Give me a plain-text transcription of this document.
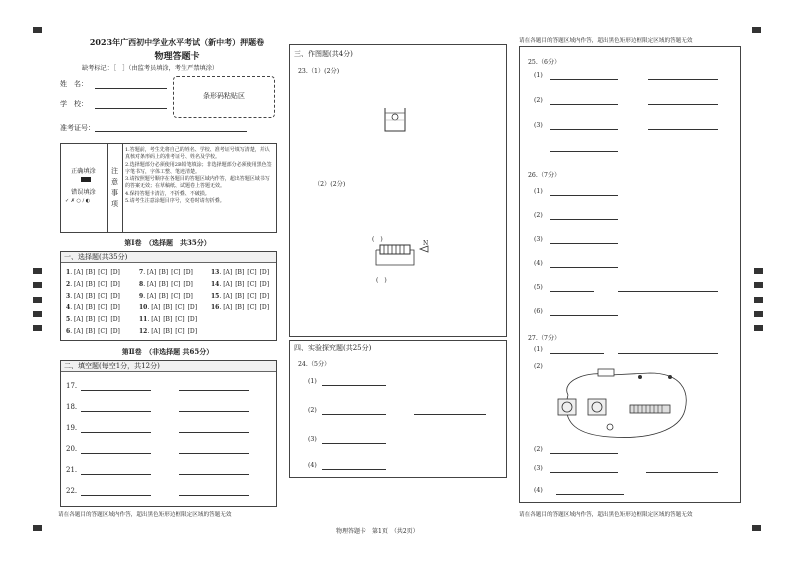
2023年广西初中学业水平考试（新中考）押题卷
物理答题卡
缺考标记：［　］（由监考员填涂，考生严禁填涂）
姓　名：
学　校：
条形码粘贴区
准考证号：
正确填涂
错误填涂
✓ ✗ ○ / ◐
注意事项
1.答题前，考生先将自己的姓名、学校、准考证号填写清楚，并认真核对条形码上的准考证号、姓名及学校。
2.选择题部分必须使用2B铅笔填涂；非选择题部分必须使用黑色签字笔书写，字体工整、笔迹清楚。
3.请按照题号顺序在各题目的答题区域内作答，超出答题区域书写的答案无效；在草稿纸、试题卷上答题无效。
4.保持答题卡清洁，不折叠、不破损。
5.请考生注意涂题目序号，交卷时请勿折叠。
第Ⅰ卷　（选择题　共35分）
一、选择题(共35分)
1. [A] [B] [C] [D]
2. [A] [B] [C] [D]
3. [A] [B] [C] [D]
4. [A] [B] [C] [D]
5. [A] [B] [C] [D]
6. [A] [B] [C] [D]
7. [A] [B] [C] [D]
8. [A] [B] [C] [D]
9. [A] [B] [C] [D]
10. [A] [B] [C] [D]
11. [A] [B] [C] [D]
12. [A] [B] [C] [D]
13. [A] [B] [C] [D]
14. [A] [B] [C] [D]
15. [A] [B] [C] [D]
16. [A] [B] [C] [D]
第Ⅱ卷　（非选择题 共65分）
二、填空题(每空1分，共12分)
17.
18.
19.
20.
21.
22.
请在各题目的答题区域内作答，超出黑色矩形边框限定区域的答题无效
三、作图题(共4分)
23.（1）(2分)
（2）(2分)
(　)
N
(　)
四、实验探究题(共25分)
24.（5分）
(1)
(2)
(3)
(4)
物理答题卡　第1页　（共2页）
请在各题目的答题区域内作答，超出黑色矩形边框限定区域的答题无效
25.（6分）
(1)
(2)
(3)
26.（7分）
(1)
(2)
(3)
(4)
(5)
(6)
27.（7分）
(1)
(2)
(2)
(3)
(4)
请在各题目的答题区域内作答，超出黑色矩形边框限定区域的答题无效
